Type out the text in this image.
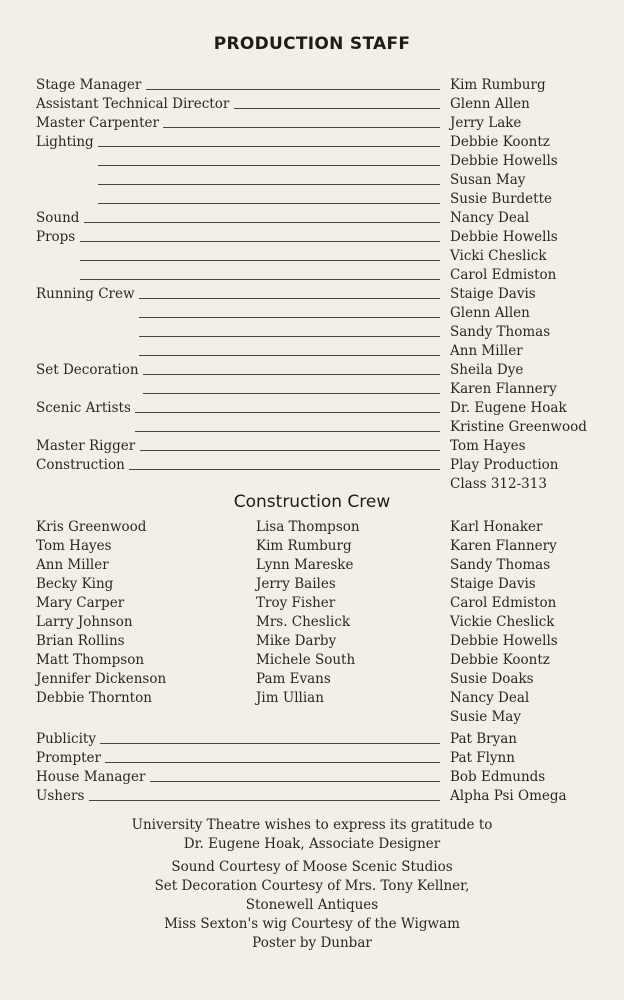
PRODUCTION STAFF
Stage Manager	Kim Rumburg
Assistant Technical Director	Glenn Allen
Master Carpenter	Jerry Lake
Lighting	Debbie Koontz
Debbie Howells
Susan May
Susie Burdette
Sound	Nancy Deal
Props	Debbie Howells
Vicki Cheslick
Carol Edmiston
Running Crew	Staige Davis
Glenn Allen
Sandy Thomas
Ann Miller
Set Decoration	Sheila Dye
Karen Flannery
Scenic Artists	Dr. Eugene Hoak
Kristine Greenwood
Master Rigger	Tom Hayes
Construction	Play Production
Class 312-313
Construction Crew
Kris Greenwood	Lisa Thompson	Karl Honaker
Tom Hayes	Kim Rumburg	Karen Flannery
Ann Miller	Lynn Mareske	Sandy Thomas
Becky King	Jerry Bailes	Staige Davis
Mary Carper	Troy Fisher	Carol Edmiston
Larry Johnson	Mrs. Cheslick	Vickie Cheslick
Brian Rollins	Mike Darby	Debbie Howells
Matt Thompson	Michele South	Debbie Koontz
Jennifer Dickenson	Pam Evans	Susie Doaks
Debbie Thornton	Jim Ullian	Nancy Deal
Susie May
Publicity	Pat Bryan
Prompter	Pat Flynn
House Manager	Bob Edmunds
Ushers	Alpha Psi Omega
University Theatre wishes to express its gratitude to
Dr. Eugene Hoak, Associate Designer
Sound Courtesy of Moose Scenic Studios
Set Decoration Courtesy of Mrs. Tony Kellner,
Stonewell Antiques
Miss Sexton's wig Courtesy of the Wigwam
Poster by Dunbar
